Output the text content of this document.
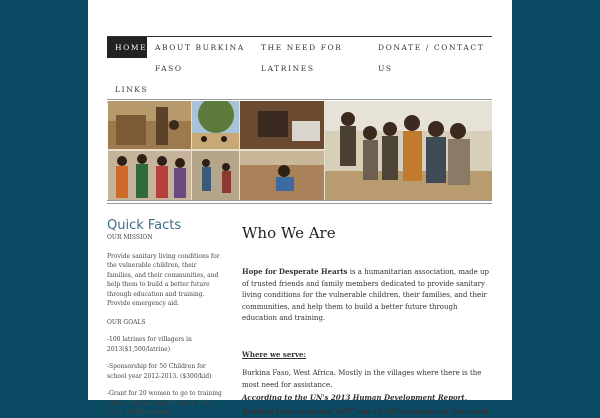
HOME ABOUT BURKINA
FASO
THE NEED FOR
LATRINES
DONATE / CONTACT
US
LINKS
Quick Facts

OUR MISSION

Provide sanitary living conditions for the vulnerable children, their families, and their communities, and help them to build a better future through education and training. Provide emergency aid.

OUR GOALS

-100 latrines for villagers in 2013($1,500/latrine)

-Sponsorship for 50 Children for school year 2012-2013. ($300/kid)

-Grant for 20 women to go to training school (Nurses and Teachers 2012-2013. $700/ woman)

Who We Are

Hope for Desperate Hearts is a humanitarian association, made up of trusted friends and family members dedicated to provide sanitary living conditions for the vulnerable children, their families, and their communities, and help them to build a better future through education and training.

Where we serve:

Burkina Faso, West Africa. Mostly in the villages where there is the most need for assistance.

According to the UN's 2013 Human Development Report, Burkina Faso is ranked 183rd out of 187 countries in the world.
